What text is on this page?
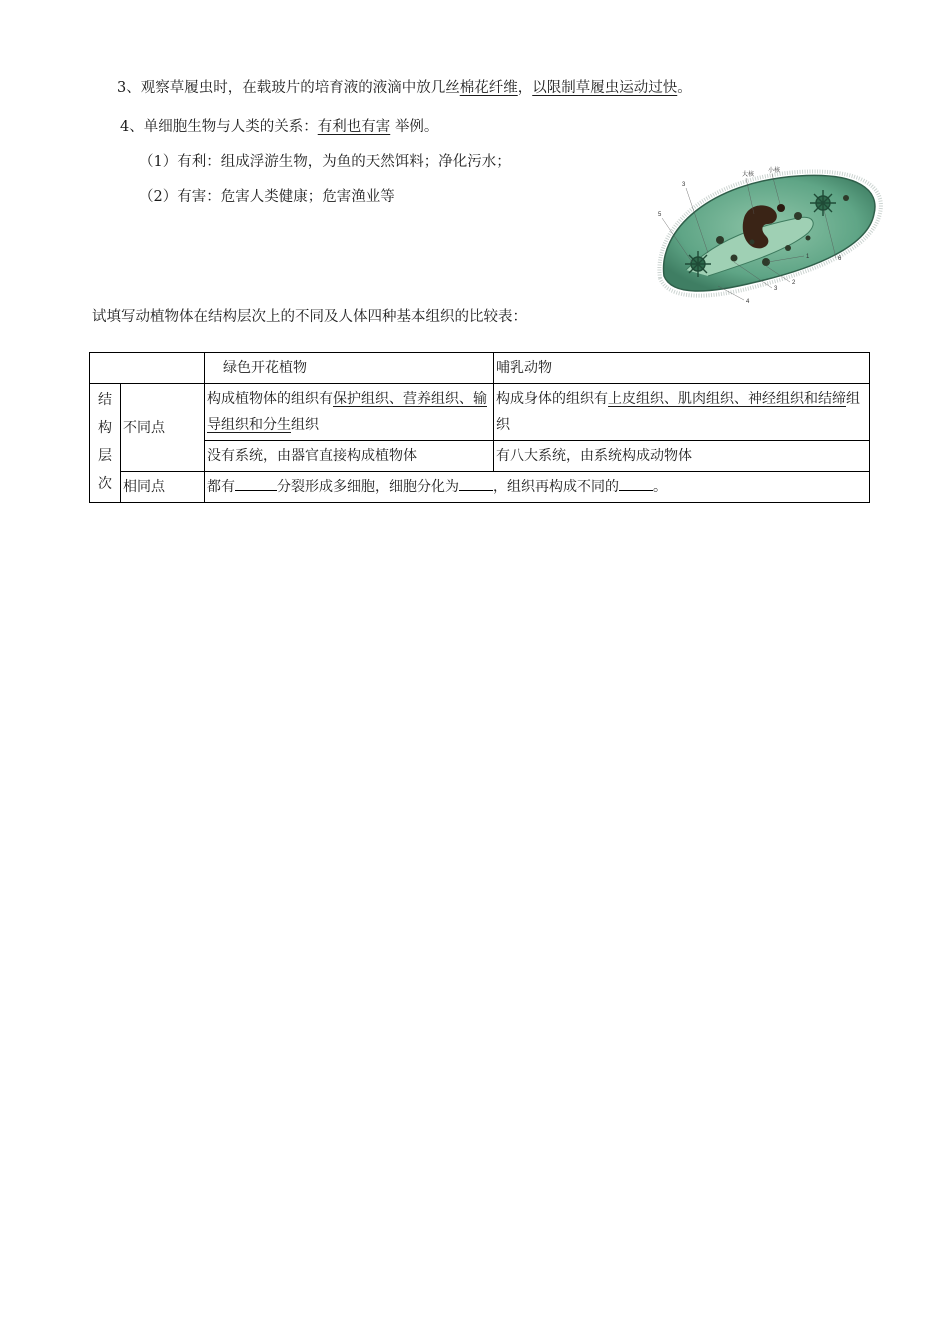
3、观察草履虫时，在载玻片的培育液的液滴中放几丝棉花纤维，以限制草履虫运动过快。
4、单细胞生物与人类的关系：有利也有害 举例。
（1）有利：组成浮游生物，为鱼的天然饵料；净化污水；
（2）有害：危害人类健康；危害渔业等
3
大核
小核
5
1	6
2
3
4
试填写动植物体在结构层次上的不同及人体四种基本组织的比较表：
		绿色开花植物	哺乳动物
结
构
层
次	不同点	构成植物体的组织有保护组织、营养组织、输导组织和分生组织	构成身体的组织有上皮组织、肌肉组织、神经组织和结缔组织
		没有系统，由器官直接构成植物体	有八大系统，由系统构成动物体
	相同点	都有 分裂形成多细胞，细胞分化为 ，组织再构成不同的 。	
